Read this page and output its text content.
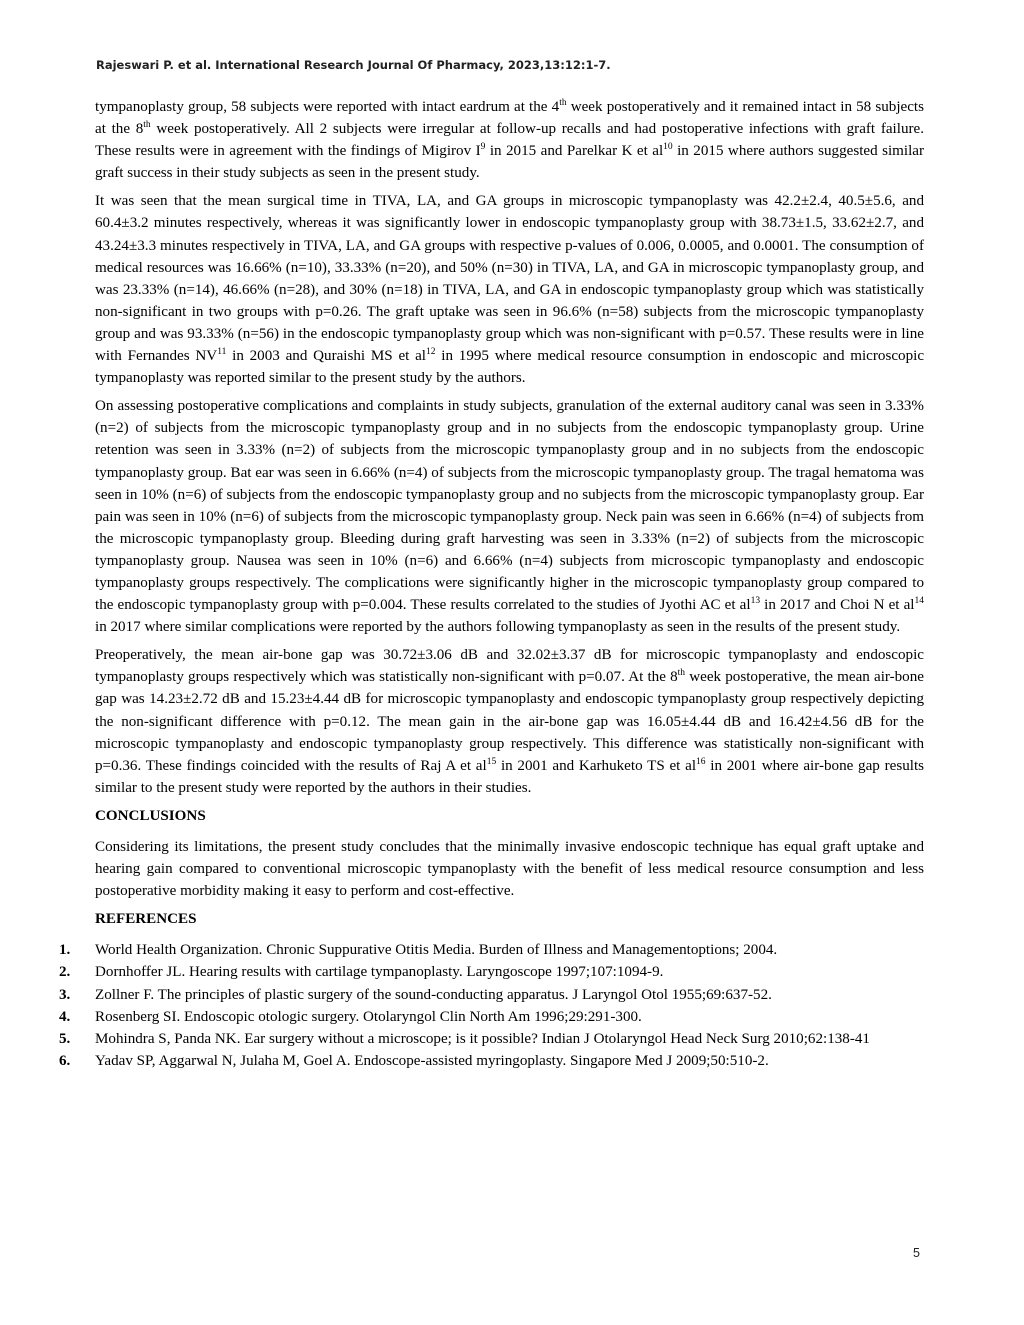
Rajeswari P. et al. International Research Journal Of Pharmacy, 2023,13:12:1-7.

tympanoplasty group, 58 subjects were reported with intact eardrum at the 4th week postoperatively and it remained intact in 58 subjects at the 8th week postoperatively. All 2 subjects were irregular at follow-up recalls and had postoperative infections with graft failure. These results were in agreement with the findings of Migirov $I^9$ in 2015 and Parelkar K et $al^{10}$ in 2015 where authors suggested similar graft success in their study subjects as seen in the present study.

It was seen that the mean surgical time in TIVA, LA, and GA groups in microscopic tympanoplasty was 42.2±2.4, 40.5±5.6, and 60.4±3.2 minutes respectively, whereas it was significantly lower in endoscopic tympanoplasty group with 38.73±1.5, 33.62±2.7, and 43.24±3.3 minutes respectively in TIVA, LA, and GA groups with respective p-values of 0.006, 0.0005, and 0.0001. The consumption of medical resources was 16.66% (n=10), 33.33% (n=20), and 50% (n=30) in TIVA, LA, and GA in microscopic tympanoplasty group, and was 23.33% (n=14), 46.66% (n=28), and 30% (n=18) in TIVA, LA, and GA in endoscopic tympanoplasty group which was statistically non-significant in two groups with p=0.26. The graft uptake was seen in 96.6% (n=58) subjects from the microscopic tympanoplasty group and was 93.33% (n=56) in the endoscopic tympanoplasty group which was non-significant with p=0.57. These results were in line with Fernandes NV$^{11}$ in 2003 and Quraishi MS et $al^{12}$ in 1995 where medical resource consumption in endoscopic and microscopic tympanoplasty was reported similar to the present study by the authors.

On assessing postoperative complications and complaints in study subjects, granulation of the external auditory canal was seen in 3.33% (n=2) of subjects from the microscopic tympanoplasty group and in no subjects from the endoscopic tympanoplasty group. Urine retention was seen in 3.33% (n=2) of subjects from the microscopic tympanoplasty group and in no subjects from the endoscopic tympanoplasty group. Bat ear was seen in 6.66% (n=4) of subjects from the microscopic tympanoplasty group. The tragal hematoma was seen in 10% (n=6) of subjects from the endoscopic tympanoplasty group and no subjects from the microscopic tympanoplasty group. Ear pain was seen in 10% (n=6) of subjects from the microscopic tympanoplasty group. Neck pain was seen in 6.66% (n=4) of subjects from the microscopic tympanoplasty group. Bleeding during graft harvesting was seen in 3.33% (n=2) of subjects from the microscopic tympanoplasty group. Nausea was seen in 10% (n=6) and 6.66% (n=4) subjects from microscopic tympanoplasty and endoscopic tympanoplasty groups respectively. The complications were significantly higher in the microscopic tympanoplasty group compared to the endoscopic tympanoplasty group with p=0.004. These results correlated to the studies of Jyothi AC et $al^{13}$ in 2017 and Choi N et $al^{14}$ in 2017 where similar complications were reported by the authors following tympanoplasty as seen in the results of the present study.

Preoperatively, the mean air-bone gap was 30.72±3.06 dB and 32.02±3.37 dB for microscopic tympanoplasty and endoscopic tympanoplasty groups respectively which was statistically non-significant with p=0.07. At the 8th week postoperative, the mean air-bone gap was 14.23±2.72 dB and 15.23±4.44 dB for microscopic tympanoplasty and endoscopic tympanoplasty group respectively depicting the non-significant difference with p=0.12. The mean gain in the air-bone gap was 16.05±4.44 dB and 16.42±4.56 dB for the microscopic tympanoplasty and endoscopic tympanoplasty group respectively. This difference was statistically non-significant with p=0.36. These findings coincided with the results of Raj A et $al^{15}$ in 2001 and Karhuketo TS et $al^{16}$ in 2001 where air-bone gap results similar to the present study were reported by the authors in their studies.

CONCLUSIONS

Considering its limitations, the present study concludes that the minimally invasive endoscopic technique has equal graft uptake and hearing gain compared to conventional microscopic tympanoplasty with the benefit of less medical resource consumption and less postoperative morbidity making it easy to perform and cost-effective.

REFERENCES

1.	World Health Organization. Chronic Suppurative Otitis Media. Burden of Illness and Managementoptions; 2004.
2.	Dornhoffer JL. Hearing results with cartilage tympanoplasty. Laryngoscope 1997;107:1094-9.
3.	Zollner F. The principles of plastic surgery of the sound-conducting apparatus. J Laryngol Otol 1955;69:637-52.
4.	Rosenberg SI. Endoscopic otologic surgery. Otolaryngol Clin North Am 1996;29:291-300.
5.	Mohindra S, Panda NK. Ear surgery without a microscope; is it possible? Indian J Otolaryngol Head Neck Surg 2010;62:138-41
6.	Yadav SP, Aggarwal N, Julaha M, Goel A. Endoscope-assisted myringoplasty. Singapore Med J 2009;50:510-2.
5
